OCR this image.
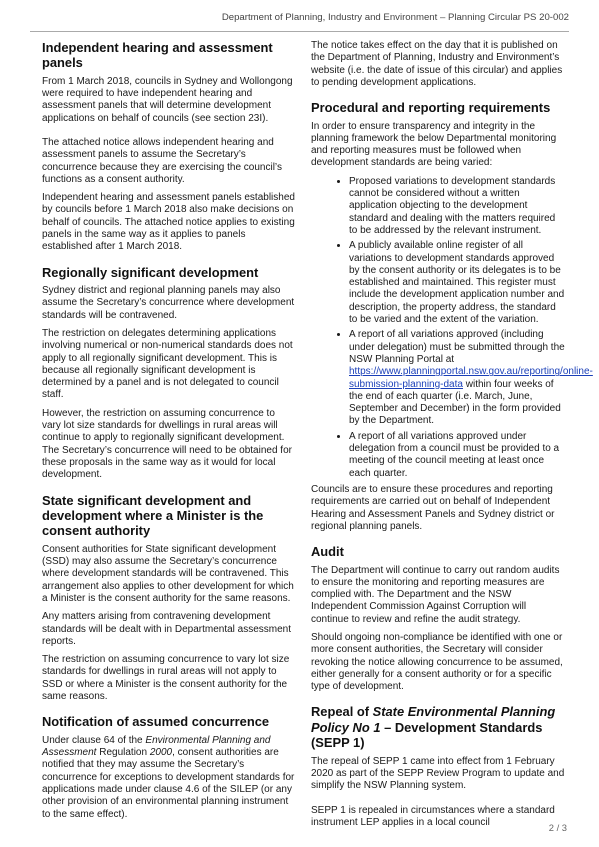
Department of Planning, Industry and Environment – Planning Circular PS 20-002
Independent hearing and assessment panels

From 1 March 2018, councils in Sydney and Wollongong were required to have independent hearing and assessment panels that will determine development applications on behalf of councils (see section 23I).

The attached notice allows independent hearing and assessment panels to assume the Secretary’s concurrence because they are exercising the council’s functions as a consent authority.

Independent hearing and assessment panels established by councils before 1 March 2018 also make decisions on behalf of councils. The attached notice applies to existing panels in the same way as it applies to panels established after 1 March 2018.

Regionally significant development

Sydney district and regional planning panels may also assume the Secretary’s concurrence where development standards will be contravened.

The restriction on delegates determining applications involving numerical or non-numerical standards does not apply to all regionally significant development. This is because all regionally significant development is determined by a panel and is not delegated to council staff.

However, the restriction on assuming concurrence to vary lot size standards for dwellings in rural areas will continue to apply to regionally significant development. The Secretary’s concurrence will need to be obtained for these proposals in the same way as it would for local development.

State significant development and development where a Minister is the consent authority

Consent authorities for State significant development (SSD) may also assume the Secretary’s concurrence where development standards will be contravened. This arrangement also applies to other development for which a Minister is the consent authority for the same reasons.

Any matters arising from contravening development standards will be dealt with in Departmental assessment reports.

The restriction on assuming concurrence to vary lot size standards for dwellings in rural areas will not apply to SSD or where a Minister is the consent authority for the same reasons.

Notification of assumed concurrence

Under clause 64 of the Environmental Planning and Assessment Regulation 2000, consent authorities are notified that they may assume the Secretary’s concurrence for exceptions to development standards for applications made under clause 4.6 of the SILEP (or any other provision of an environmental planning instrument to the same effect).

The notice takes effect on the day that it is published on the Department of Planning, Industry and Environment’s website (i.e. the date of issue of this circular) and applies to pending development applications.

Procedural and reporting requirements

In order to ensure transparency and integrity in the planning framework the below Departmental monitoring and reporting measures must be followed when development standards are being varied:

• Proposed variations to development standards cannot be considered without a written application objecting to the development standard and dealing with the matters required to be addressed by the relevant instrument.
• A publicly available online register of all variations to development standards approved by the consent authority or its delegates is to be established and maintained. This register must include the development application number and description, the property address, the standard to be varied and the extent of the variation.
• A report of all variations approved (including under delegation) must be submitted through the NSW Planning Portal at https://www.planningportal.nsw.gov.au/reporting/online-submission-planning-data within four weeks of the end of each quarter (i.e. March, June, September and December) in the form provided by the Department.
• A report of all variations approved under delegation from a council must be provided to a meeting of the council meeting at least once each quarter.

Councils are to ensure these procedures and reporting requirements are carried out on behalf of Independent Hearing and Assessment Panels and Sydney district or regional planning panels.

Audit

The Department will continue to carry out random audits to ensure the monitoring and reporting measures are complied with. The Department and the NSW Independent Commission Against Corruption will continue to review and refine the audit strategy.

Should ongoing non-compliance be identified with one or more consent authorities, the Secretary will consider revoking the notice allowing concurrence to be assumed, either generally for a consent authority or for a specific type of development.

Repeal of State Environmental Planning Policy No 1 – Development Standards (SEPP 1)

The repeal of SEPP 1 came into effect from 1 February 2020 as part of the SEPP Review Program to update and simplify the NSW Planning system.

SEPP 1 is repealed in circumstances where a standard instrument LEP applies in a local council	2 / 3
